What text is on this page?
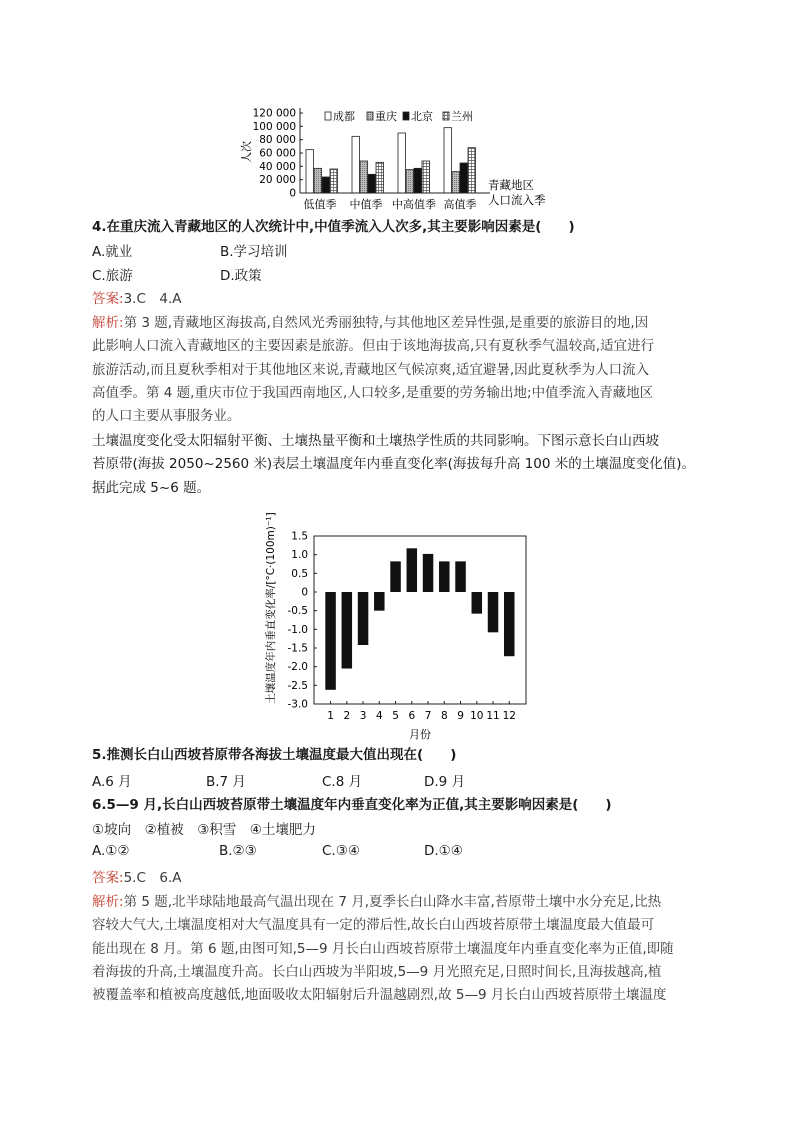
人次
120 000
100 000
80 000
60 000
40 000
20 000
0
低值季 中值季 中高值季 高值季
成都 重庆 北京 兰州
青藏地区
人口流入季
4.在重庆流入青藏地区的人次统计中,中值季流入人次多,其主要影响因素是(　　)
A.就业	B.学习培训
C.旅游	D.政策
答案:3.C　4.A
解析:第 3 题,青藏地区海拔高,自然风光秀丽独特,与其他地区差异性强,是重要的旅游目的地,因
此影响人口流入青藏地区的主要因素是旅游。但由于该地海拔高,只有夏秋季气温较高,适宜进行
旅游活动,而且夏秋季相对于其他地区来说,青藏地区气候凉爽,适宜避暑,因此夏秋季为人口流入
高值季。第 4 题,重庆市位于我国西南地区,人口较多,是重要的劳务输出地;中值季流入青藏地区
的人口主要从事服务业。
土壤温度变化受太阳辐射平衡、土壤热量平衡和土壤热学性质的共同影响。下图示意长白山西坡
苔原带(海拔 2050~2560 米)表层土壤温度年内垂直变化率(海拔每升高 100 米的土壤温度变化值)。
据此完成 5~6 题。
土壤温度年内垂直变化率/[°C·(100m)⁻¹] 1.5
1.0
0.5
0
-0.5
-1.0
-1.5
-2.0
-2.5
-3.0
1 2 3 4 5 6 7 8 9 10 11 12
月份
5.推测长白山西坡苔原带各海拔土壤温度最大值出现在(　　)
A.6 月	B.7 月	C.8 月	D.9 月
6.5—9 月,长白山西坡苔原带土壤温度年内垂直变化率为正值,其主要影响因素是(　　)
①坡向　②植被　③积雪　④土壤肥力
A.①②	B.②③	C.③④	D.①④
答案:5.C　6.A
解析:第 5 题,北半球陆地最高气温出现在 7 月,夏季长白山降水丰富,苔原带土壤中水分充足,比热
容较大气大,土壤温度相对大气温度具有一定的滞后性,故长白山西坡苔原带土壤温度最大值最可
能出现在 8 月。第 6 题,由图可知,5—9 月长白山西坡苔原带土壤温度年内垂直变化率为正值,即随
着海拔的升高,土壤温度升高。长白山西坡为半阳坡,5—9 月光照充足,日照时间长,且海拔越高,植
被覆盖率和植被高度越低,地面吸收太阳辐射后升温越剧烈,故 5—9 月长白山西坡苔原带土壤温度
